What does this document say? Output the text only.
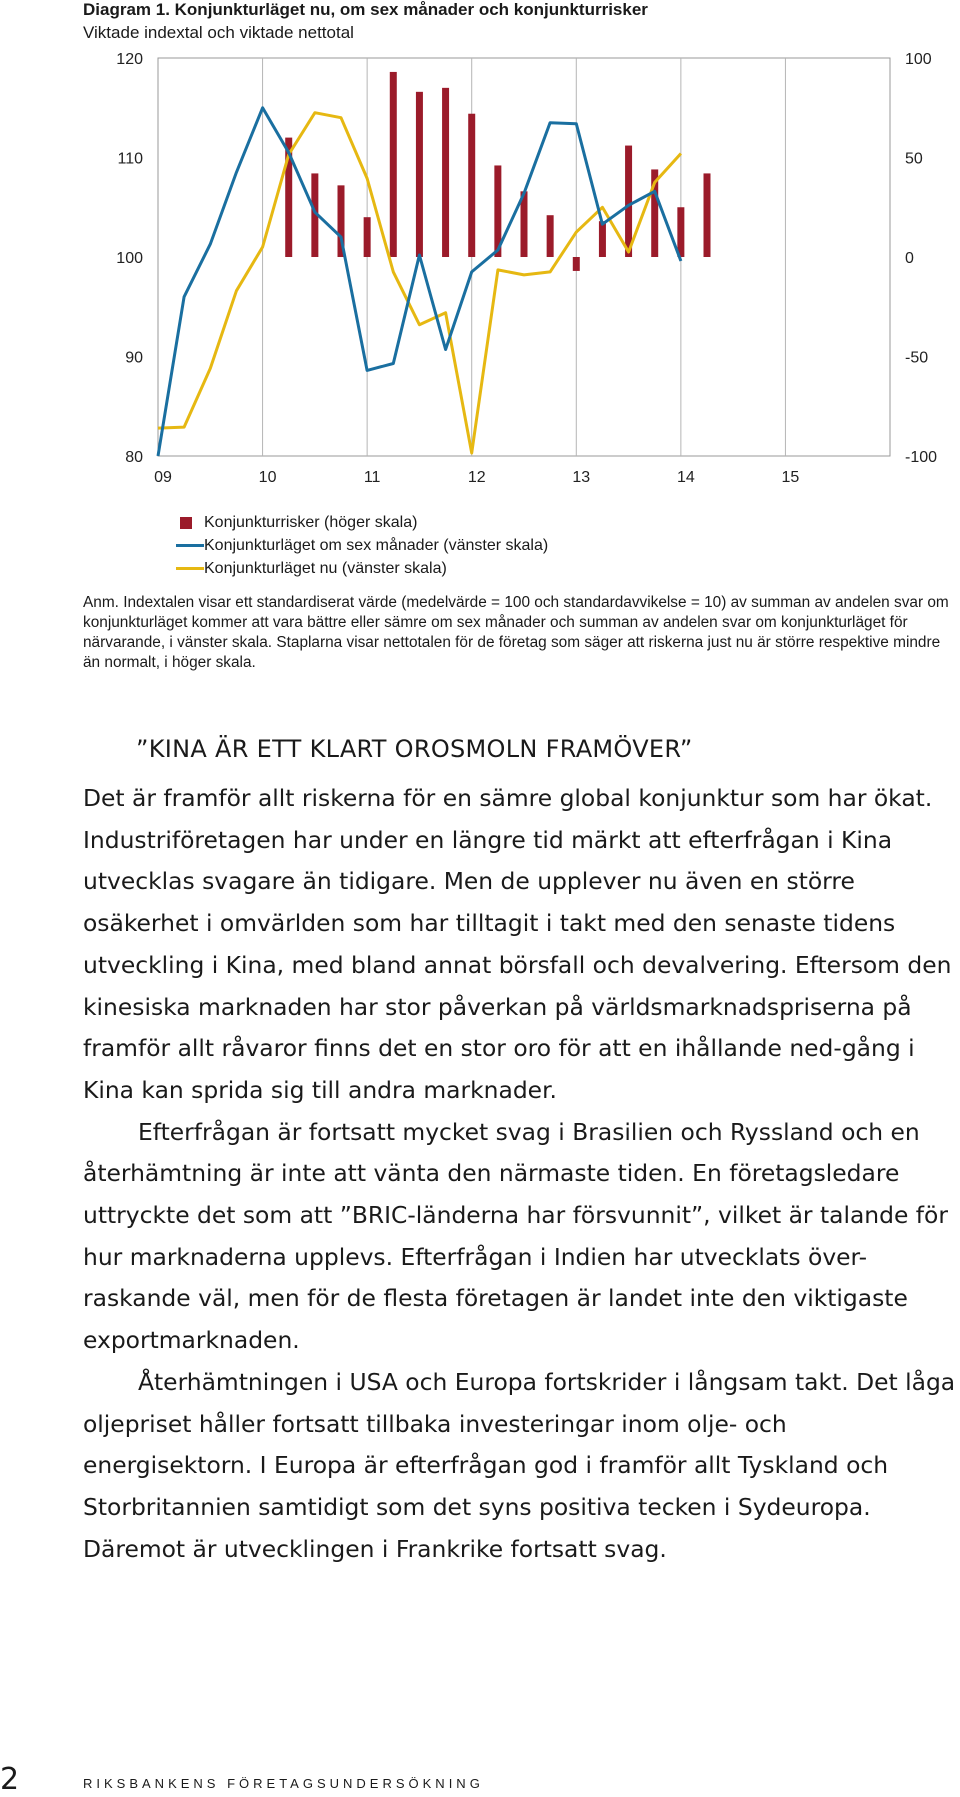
Diagram 1. Konjunkturläget nu, om sex månader och konjunkturrisker
Viktade indextal och viktade nettotal
120
110
100
90
80
100
50
0
-50
-100
09	10	11	12	13	14	15
Konjunkturrisker (höger skala)
Konjunkturläget om sex månader (vänster skala)
Konjunkturläget nu (vänster skala)
Anm. Indextalen visar ett standardiserat värde (medelvärde = 100 och standardavvikelse = 10) av summan av andelen svar om konjunkturläget kommer att vara bättre eller sämre om sex månader och summan av andelen svar om konjunkturläget för närvarande, i vänster skala. Staplarna visar nettotalen för de företag som säger att riskerna just nu är större respektive mindre än normalt, i höger skala.
”KINA ÄR ETT KLART OROSMOLN FRAMÖVER”

Det är framför allt riskerna för en sämre global konjunktur som har ökat. Industriföretagen har under en längre tid märkt att efterfrågan i Kina utvecklas svagare än tidigare. Men de upplever nu även en större osäkerhet i omvärlden som har tilltagit i takt med den senaste tidens utveckling i Kina, med bland annat börsfall och devalvering. Eftersom den kinesiska marknaden har stor påverkan på världsmarknadspriserna på framför allt råvaror finns det en stor oro för att en ihållande ned-gång i Kina kan sprida sig till andra marknader.

Efterfrågan är fortsatt mycket svag i Brasilien och Ryssland och en återhämtning är inte att vänta den närmaste tiden. En företagsledare uttryckte det som att ”BRIC-länderna har försvunnit”, vilket är talande för hur marknaderna upplevs. Efterfrågan i Indien har utvecklats över-raskande väl, men för de flesta företagen är landet inte den viktigaste exportmarknaden.

Återhämtningen i USA och Europa fortskrider i långsam takt. Det låga oljepriset håller fortsatt tillbaka investeringar inom olje- och energisektorn. I Europa är efterfrågan god i framför allt Tyskland och Storbritannien samtidigt som det syns positiva tecken i Sydeuropa. Däremot är utvecklingen i Frankrike fortsatt svag.

2	RIKSBANKENS FÖRETAGSUNDERSÖKNING
